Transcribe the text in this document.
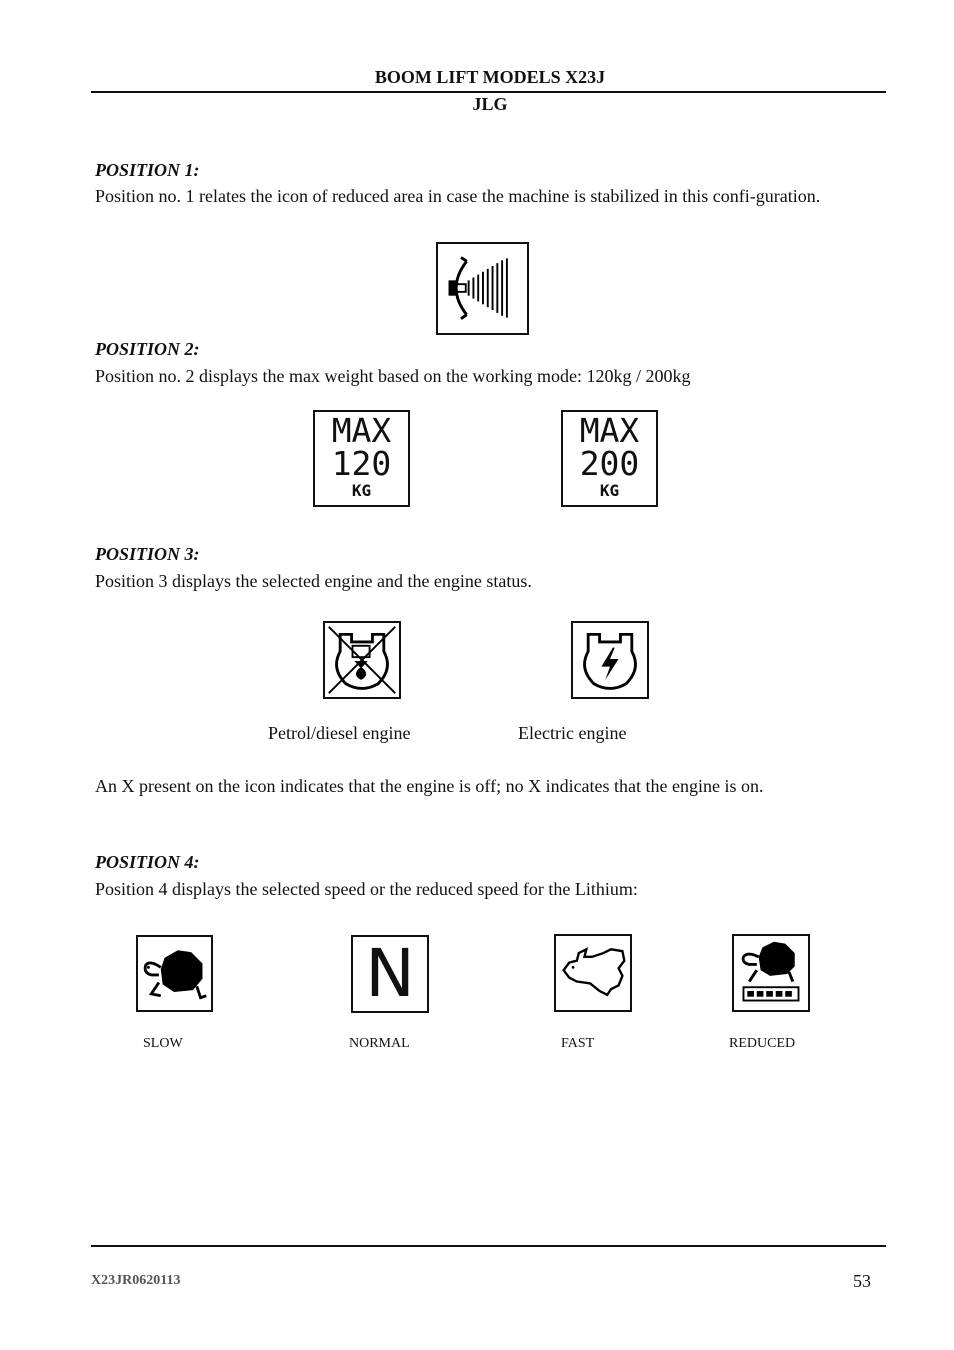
BOOM LIFT MODELS X23J
JLG
POSITION 1:
Position no. 1 relates the icon of reduced area in case the machine is stabilized in this confi-guration.
POSITION 2:
Position no. 2 displays the max weight based on the working mode: 120kg / 200kg
MAX
120
KG
MAX
200
KG
POSITION 3:
Position 3 displays the selected engine and the engine status.
Petrol/diesel engine	Electric engine
An X present on the icon indicates that the engine is off; no X indicates that the engine is on.
POSITION 4:
Position 4 displays the selected speed or the reduced speed for the Lithium:
N
SLOW	NORMAL	FAST	REDUCED
X23JR0620113	53
